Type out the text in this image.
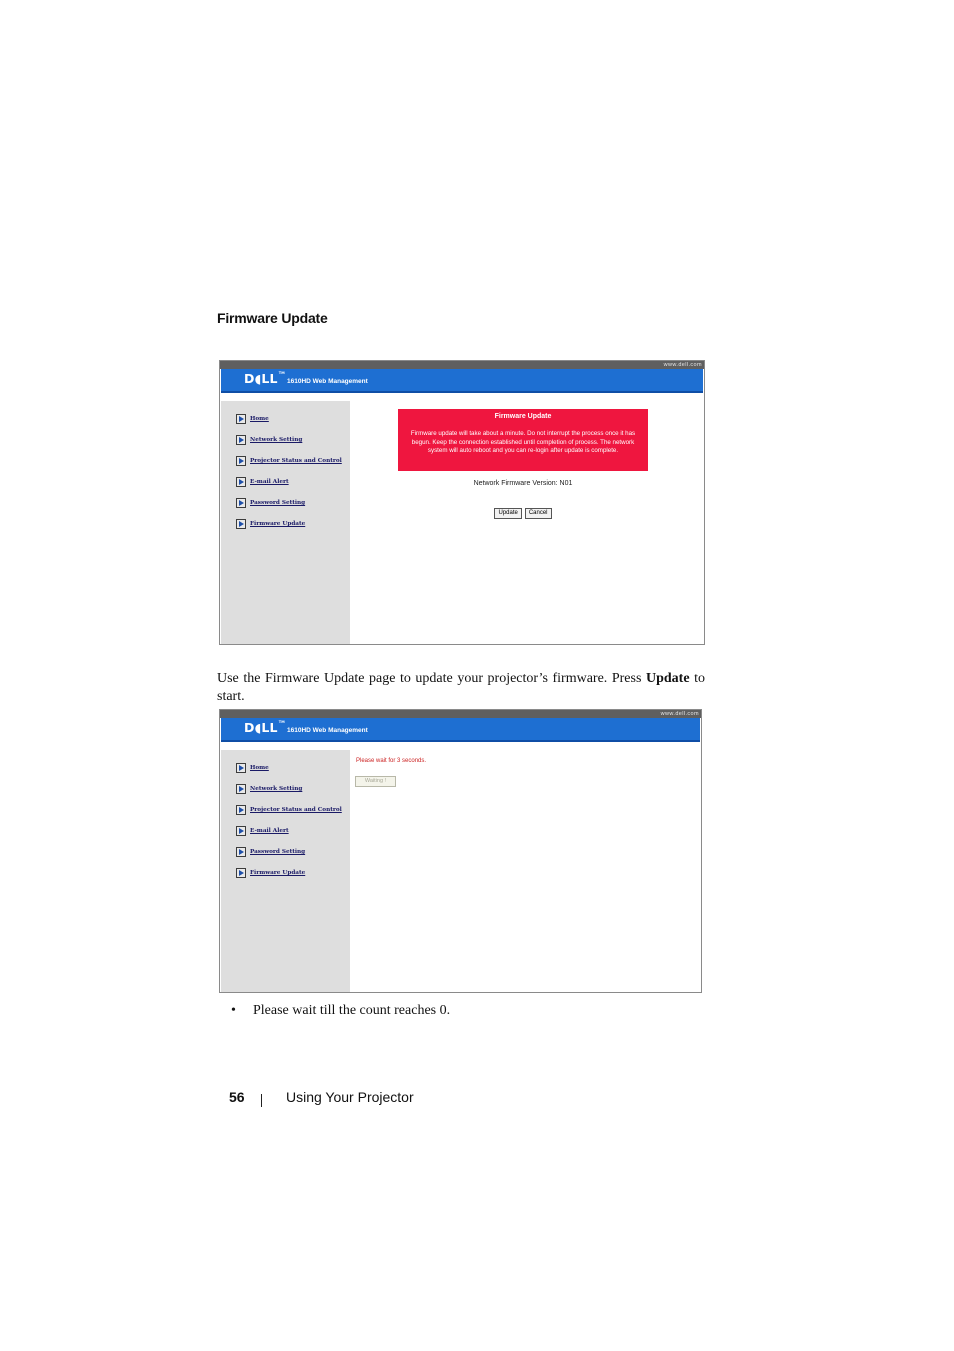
Firmware Update
www.dell.com
D◖LL™
1610HD Web Management
Home
Network Setting
Projector Status and Control
E-mail Alert
Password Setting
Firmware Update
Firmware Update
Firmware update will take about a minute. Do not interrupt the process once it has begun. Keep the connection established until completion of process. The network system will auto reboot and you can re-login after update is complete.
Network Firmware Version: N01
Update	Cancel
Use the Firmware Update page to update your projector’s firmware. Press Update to start.
www.dell.com
D◖LL™
1610HD Web Management
Home
Network Setting
Projector Status and Control
E-mail Alert
Password Setting
Firmware Update
Please wait for 3 seconds.
Waiting !
• Please wait till the count reaches 0.
56	Using Your Projector
